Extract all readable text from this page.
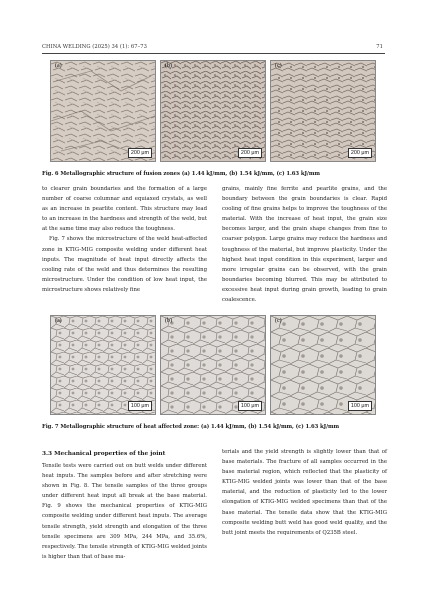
CHINA WELDING (2025) 34 (1): 67–73	71
(a)
200 μm
(b)
200 μm
(c)
200 μm
Fig. 6 Metallographic structure of fusion zones (a) 1.44 kJ/mm, (b) 1.54 kJ/mm, (c) 1.63 kJ/mm

to clearer grain boundaries and the formation of a large number of coarse columnar and equiaxed crystals, as well as an increase in pearlite content. This structure may lead to an increase in the hardness and strength of the weld, but at the same time may also reduce the toughness.

Fig. 7 shows the microstructure of the weld heat-affected zone in KTIG-MIG composite welding under different heat inputs. The magnitude of heat input directly affects the cooling rate of the weld and thus determines the resulting microstructure. Under the condition of low heat input, the microstructure shows relatively fine

grains, mainly fine ferrite and pearlite grains, and the boundary between the grain boundaries is clear. Rapid cooling of fine grains helps to improve the toughness of the material. With the increase of heat input, the grain size becomes larger, and the grain shape changes from fine to coarser polygon. Large grains may reduce the hardness and toughness of the material, but improve plasticity. Under the highest heat input condition in this experiment, larger and more irregular grains can be observed, with the grain boundaries becoming blurred. This may be attributed to excessive heat input during grain growth, leading to grain coalescence.

(a)
100 μm
(b)
100 μm
(c)
100 μm
Fig. 7 Metallographic structure of heat affected zone: (a) 1.44 kJ/mm, (b) 1.54 kJ/mm, (c) 1.63 kJ/mm
3.3 Mechanical properties of the joint

Tensile tests were carried out on butt welds under different heat inputs. The samples before and after stretching were shown in Fig. 8. The tensile samples of the three groups under different heat input all break at the base material. Fig. 9 shows the mechanical properties of KTIG-MIG composite welding under different heat inputs. The average tensile strength, yield strength and elongation of the three tensile specimens are 309 MPa, 244 MPa, and 35.6%, respectively. The tensile strength of KTIG-MIG welded joints is higher than that of base ma-

terials and the yield strength is slightly lower than that of base materials. The fracture of all samples occurred in the base material region, which reflected that the plasticity of KTIG-MIG welded joints was lower than that of the base material, and the reduction of plasticity led to the lower elongation of KTIG-MIG welded specimens than that of the base material. The tensile data show that the KTIG-MIG composite welding butt weld has good weld quality, and the butt joint meets the requirements of Q235B steel.
